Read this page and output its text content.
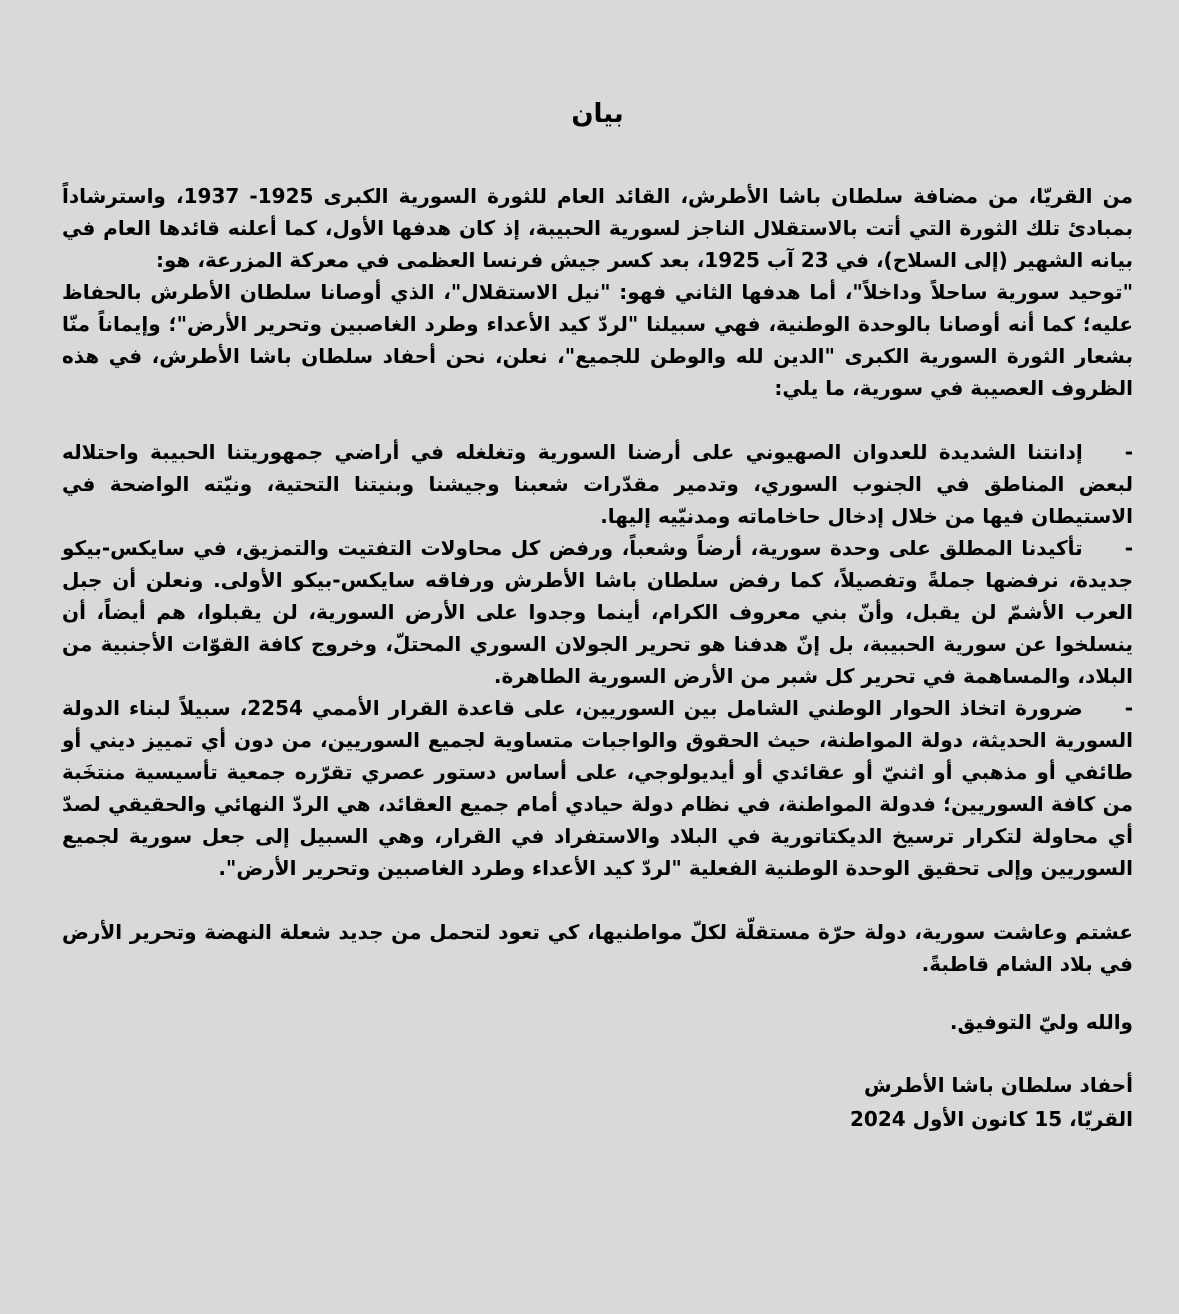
بيان
من القريّا، من مضافة سلطان باشا الأطرش، القائد العام للثورة السورية الكبرى 1925- 1937، واسترشاداً بمبادئ تلك الثورة التي أتت بالاستقلال الناجز لسورية الحبيبة، إذ كان هدفها الأول، كما أعلنه قائدها العام في بيانه الشهير (إلى السلاح)، في 23 آب 1925، بعد كسر جيش فرنسا العظمى في معركة المزرعة، هو:
"توحيد سورية ساحلاً وداخلاً"، أما هدفها الثاني فهو: "نيل الاستقلال"، الذي أوصانا سلطان الأطرش بالحفاظ عليه؛ كما أنه أوصانا بالوحدة الوطنية، فهي سبيلنا "لردّ كيد الأعداء وطرد الغاصبين وتحرير الأرض"؛ وإيماناً منّا بشعار الثورة السورية الكبرى "الدين لله والوطن للجميع"، نعلن، نحن أحفاد سلطان باشا الأطرش، في هذه الظروف العصيبة في سورية، ما يلي:
-إدانتنا الشديدة للعدوان الصهيوني على أرضنا السورية وتغلغله في أراضي جمهوريتنا الحبيبة واحتلاله لبعض المناطق في الجنوب السوري، وتدمير مقدّرات شعبنا وجيشنا وبنيتنا التحتية، ونيّته الواضحة في الاستيطان فيها من خلال إدخال حاخاماته ومدنيّيه إليها.
-تأكيدنا المطلق على وحدة سورية، أرضاً وشعباً، ورفض كل محاولات التفتيت والتمزيق، في سايكس-بيكو جديدة، نرفضها جملةً وتفصيلاً، كما رفض سلطان باشا الأطرش ورفاقه سايكس-بيكو الأولى. ونعلن أن جبل العرب الأشمّ لن يقبل، وأنّ بني معروف الكرام، أينما وجدوا على الأرض السورية، لن يقبلوا، هم أيضاً، أن ينسلخوا عن سورية الحبيبة، بل إنّ هدفنا هو تحرير الجولان السوري المحتلّ، وخروج كافة القوّات الأجنبية من البلاد، والمساهمة في تحرير كل شبر من الأرض السورية الطاهرة.
-ضرورة اتخاذ الحوار الوطني الشامل بين السوريين، على قاعدة القرار الأممي 2254، سبيلاً لبناء الدولة السورية الحديثة، دولة المواطنة، حيث الحقوق والواجبات متساوية لجميع السوريين، من دون أي تمييز ديني أو طائفي أو مذهبي أو اثنيّ أو عقائدي أو أيديولوجي، على أساس دستور عصري تقرّره جمعية تأسيسية منتخَبة من كافة السوريين؛ فدولة المواطنة، في نظام دولة حيادي أمام جميع العقائد، هي الردّ النهائي والحقيقي لصدّ أي محاولة لتكرار ترسيخ الديكتاتورية في البلاد والاستفراد في القرار، وهي السبيل إلى جعل سورية لجميع السوريين وإلى تحقيق الوحدة الوطنية الفعلية "لردّ كيد الأعداء وطرد الغاصبين وتحرير الأرض".
عشتم وعاشت سورية، دولة حرّة مستقلّة لكلّ مواطنيها، كي تعود لتحمل من جديد شعلة النهضة وتحرير الأرض في بلاد الشام قاطبةً.
والله وليّ التوفيق.
أحفاد سلطان باشا الأطرش
القريّا، 15 كانون الأول 2024
